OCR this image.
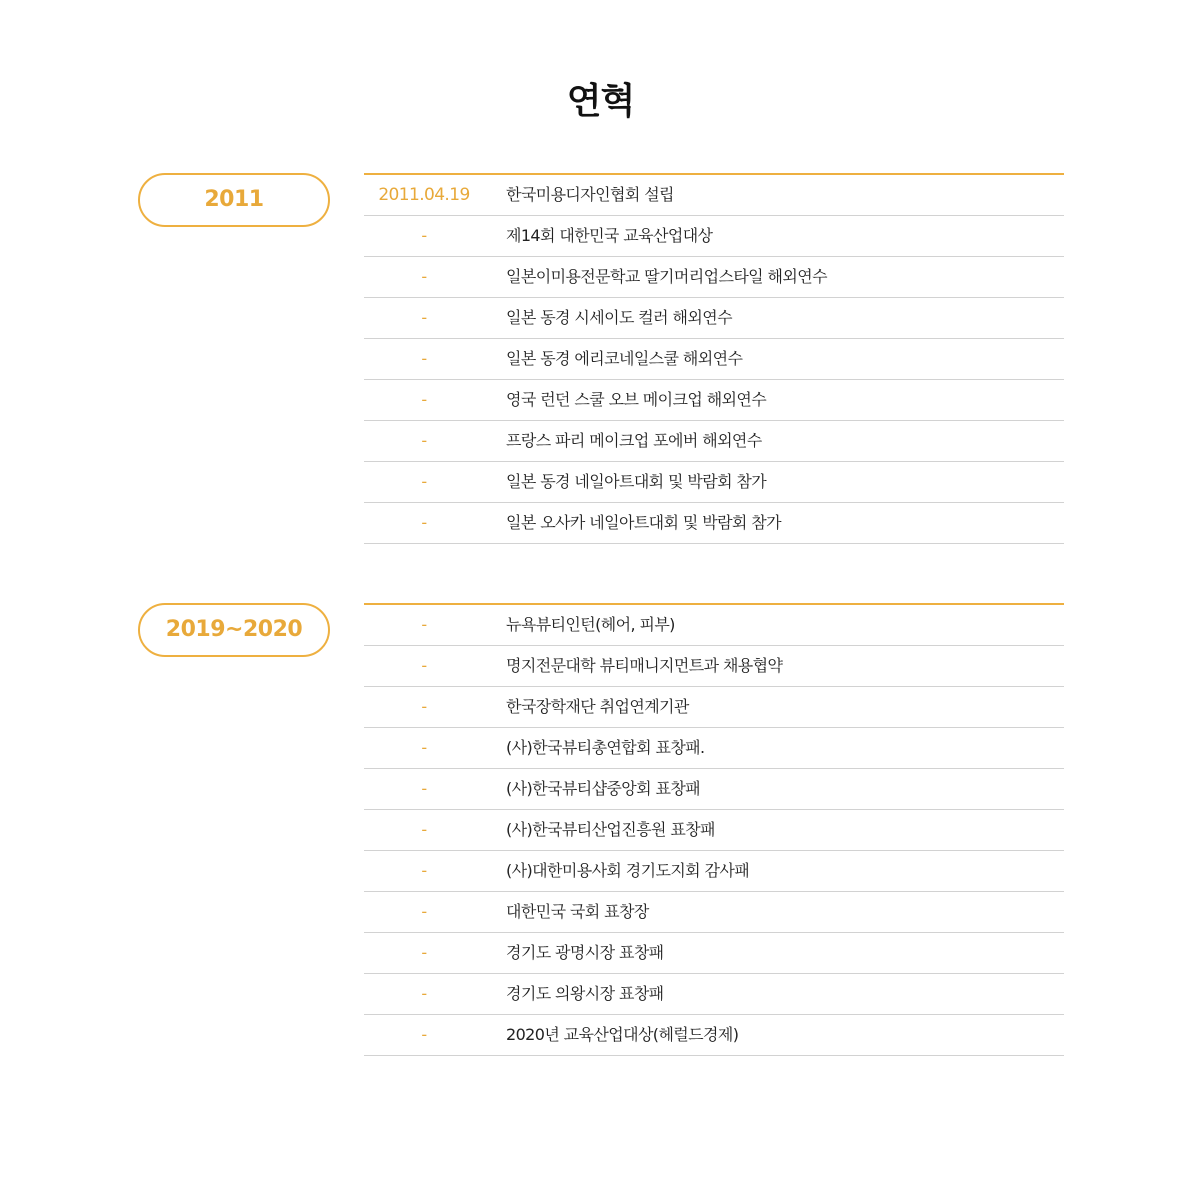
연혁
2011	2011.04.19	한국미용디자인협회 설립
-	제14회 대한민국 교육산업대상
-	일본이미용전문학교 딸기머리업스타일 해외연수
-	일본 동경 시세이도 컬러 해외연수
-	일본 동경 에리코네일스쿨 해외연수
-	영국 런던 스쿨 오브 메이크업 해외연수
-	프랑스 파리 메이크업 포에버 해외연수
-	일본 동경 네일아트대회 및 박람회 참가
-	일본 오사카 네일아트대회 및 박람회 참가
2019~2020	-	뉴욕뷰티인턴(헤어, 피부)
-	명지전문대학 뷰티매니지먼트과 채용협약
-	한국장학재단 취업연계기관
-	(사)한국뷰티총연합회 표창패.
-	(사)한국뷰티샵중앙회 표창패
-	(사)한국뷰티산업진흥원 표창패
-	(사)대한미용사회 경기도지회 감사패
-	대한민국 국회 표창장
-	경기도 광명시장 표창패
-	경기도 의왕시장 표창패
-	2020년 교육산업대상(헤럴드경제)
